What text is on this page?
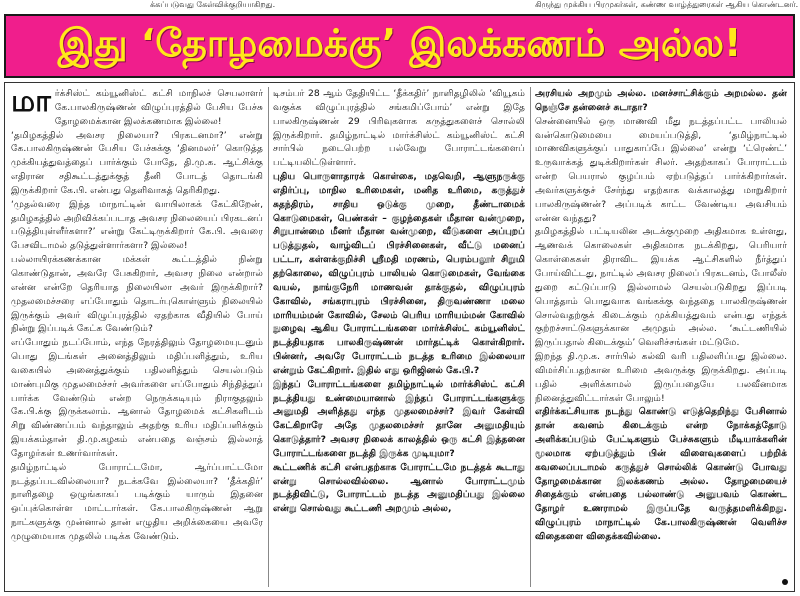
க்கப்படுவது கேள்விக்குறியாகிறது.	கிருந்து முக்கிய பிரமுகர்கள், கண்ண வாழ்த்துரைகள் ஆகிய கொண்டனர்.
இது ‘தோழமைக்கு’ இலக்கணம் அல்ல!

மார்க்சிஸ்ட் கம்யூனிஸ்ட் கட்சி மாநிலச் செயலாளர் கே.பாலகிருஷ்ணன் விழுப்புரத்தில் பேசிய பேச்சு தோழமைக்கான இலக்கணமாக இல்லை!

‘தமிழகத்தில் அவசர நிலையா? பிரகடனமா?’ என்று கே.பாலகிருஷ்ணன் பேசிய பேச்சுக்கு ‘தினமலர்’ கொடுத்த முக்கியத்துவத்தைப் பார்க்கும் போதே, தி.மு.க. ஆட்சிக்கு எதிரான சதிகூட்டத்துக்குத் தீனி போடத் தொடங்கி இருக்கிறார் கே.பி. என்பது தெளிவாகத் தெரிகிறது.

‘முதல்வரை இந்த மாநாட்டின் வாயிலாகக் கேட்கிறேன், தமிழகத்தில் அறிவிக்கப்படாத அவசர நிலையைப் பிரகடனப் படுத்தியுள்ளீர்களா?’ என்று கேட்டிருக்கிறார் கே.பி. அவரை பேசவிடாமல் தடுத்துள்ளார்களா? இல்லை!

பல்லாயிரக்கணக்கான மக்கள் கூட்டத்தில் நின்று கொண்டுதான், அவரே பேசுகிறார், அவசர நிலை என்றால் என்ன என்றே தெரியாத நிலையிலா அவர் இருக்கிறார்? முதலமைச்சரை எப்போதும் தொடர்புகொள்ளும் நிலையில் இருக்கும் அவர் விழுப்புரத்தில் ஏதற்காக வீதியில் போய் நின்று இப்படிக் கேட்க வேண்டும்?

எப்போதும் நடப்போம், எந்த நேரத்திலும் தோழமையுடனும் பொது இடங்கள் அனைத்திலும் மதிப்பளித்தும், உரிய வகையில் அனைத்துக்கும் பதிலளித்தும் செயல்படும் மாண்புமிகு முதலமைச்சர் அவர்களை எப்போதும் சிந்தித்துப் பார்க்க வேண்டும் என்ற நெருக்கடியும் நிராகுதலும் கே.பி.க்கு இருக்கலாம். ஆனால் தோழமைக் கட்சிகளிடம் சிறு விண்ணப்பம் வந்தாலும் அதற்கு உரிய மதிப்பளிக்கும் இயக்கம்தான் தி.மு.கழகம் என்பதை வஞ்சம் இல்லாத் தோழர்கள் உணர்வார்கள்.

தமிழ்நாட்டில் போராட்டமோ, ஆர்ப்பாட்டமோ நடத்தப்படவில்லையா? நடக்கவே இல்லையா? ‘தீக்கதிர்’ நாளிதழை ஒழுங்காகப் படிக்கும் யாரும் இதனை ஒப்புக்கொள்ள மாட்டார்கள். கே.பாலகிருஷ்ணன் ஆறு நாட்களுக்கு முன்னால் தான் எழுதிய அறிக்கையை அவரே முழுமையாக முதலில் படிக்க வேண்டும்.

டிசம்பர் 28 ஆம் தேதியிட்ட ‘தீக்கதிர்’ நாளிதழிலில் ‘வியூகம் வகுக்க விழுப்புரத்தில் சங்கமிப்போம்’ என்று இதே பாலகிருஷ்ணன் 29 பிரிவுகளாக கருத்துகளைச் சொல்லி இருக்கிறார். தமிழ்நாட்டில் மார்க்சிஸ்ட் கம்யூனிஸ்ட் கட்சி சார்பில் நடைபெற்ற பல்வேறு போராட்டங்களைப் பட்டியலிட்டுள்ளார்.

புதிய பொருளாதாரக் கொள்கை, மதவெறி, ஆளுநருக்கு எதிர்ப்பு, மாநில உரிமைகள், மனித உரிமை, கருத்துச் சுதந்திரம், சாதிய ஒடுக்கு முறை, தீண்டாமைக் கொடுமைகள், பெண்கள் – குழந்தைகள் மீதான வன்முறை, சிறுபான்மை மீனர் மீதான வன்முறை, வீடுகளை அப்புறப் படுத்துதல், வாழ்விடப் பிரச்சினைகள், வீட்டு மனைப் பட்டா, கள்ளக்குறிச்சி ஸ்ரீமதி மரணம், பெரம்பலூர் சிறுமி தற்கொலை, விழுப்புரம் பாலியல் கொடுமைகள், வேங்கை வயல், நாங்குநேரி மாணவன் தாக்குதல், விழுப்புரம் கோவில், சங்கராபுரம் பிரச்சினை, திருவண்ணா மலை மாரியம்மன் கோவில், சேலம் பெரிய மாரியம்மன் கோவில் நுழைவு ஆகிய போராட்டங்களை மார்க்சிஸ்ட் கம்யூனிஸ்ட் நடத்தியதாக பாலகிருஷ்ணன் மார்தட்டிக் கொள்கிறார். பின்னர், அவரே போராட்டம் நடத்த உரிமை இல்லையா என்றும் கேட்கிறார். இதில் எது ஒரிஜினல் கே.பி.?

இந்தப் போராட்டங்களை தமிழ்நாட்டில் மார்க்சிஸ்ட் கட்சி நடத்தியது உண்மையானால் இந்தப் போராட்டங்களுக்கு அனுமதி அளித்தது எந்த முதலமைச்சர்? இவர் கேள்வி கேட்கிறாரே அதே முதலமைச்சர் தானே அனுமதியும் கொடுத்தார்? அவசர நிலைக் காலத்தில் ஒரு கட்சி இத்தனை போராட்டங்களை நடத்தி இருக்க முடியுமா?

கூட்டணிக் கட்சி என்பதற்காக போராட்டமே நடத்தக் கூடாது என்று சொல்லவில்லை. ஆனால் போராட்டமும் நடத்திவிட்டு, போராட்டம் நடத்த அனுமதிப்பது இல்லை என்று சொல்வது கூட்டணி அறமும் அல்ல,

அரசியல் அறமும் அல்ல. மனச்சாட்சிக்கும் அறமல்ல. தன் நெஞ்சே தன்னைச் சுடாதா?

சென்னையில் ஒரு மாணவி மீது நடத்தப்பட்ட பாலியல் வன்கொடுமையை மையப்படுத்தி, ‘தமிழ்நாட்டில் மாணவிகளுக்குப் பாதுகாப்பே இல்லை’ என்று ‘ட்ரெண்ட்’ உருவாக்கத் துடிக்கிறார்கள் சிலர். அதற்காகப் போராட்டம் என்ற பெயரால் குழப்பம் ஏற்படுத்தப் பார்க்கிறார்கள். அவர்களுக்குச் சேர்ந்து எதற்காக வக்காலத்து மாறுகிறார் பாலகிருஷ்ணன்? அப்படிக் காட்ட வேண்டிய அவசியம் என்ன வந்தது?

தமிழகத்தில் பட்டியலின அடக்குமுறை அதிகமாக உள்ளது, ஆணவக் கொலைகள் அதிகமாக நடக்கிறது, பெரியார் கொள்கைகள் திராவிட இயக்க ஆட்சிகளில் நீர்த்துப் போய்விட்டது, நாட்டில் அவசர நிலைப் பிரகடனம், போலீஸ் துறை கட்டுப்பாடு இல்லாமல் செயல்படுகிறது இப்படி பொத்தாம் பொதுவாக வங்கக்கு வந்ததை பாலகிருஷ்ணன் சொல்வதற்குக் கிடைக்கும் முக்கியத்துவம் என்பது எந்தக் குற்றச்சாட்டுகளுக்கான அமுதம் அல்ல. ‘கூட்டணியில் இருப்பதால் கிடைக்கும்’ வெளிச்சங்கள் மட்டுமே.

இறந்த தி.மு.க. சார்பில் கல்வி வரி பதிலளிப்பது இல்லை. விமர்சிப்பதற்கான உரிமை அவருக்கு இருக்கிறது. அப்படி பதில் அளிக்காமல் இருப்பதையே பலவீனமாக நினைத்துவிட்டார்கள் போலும்!

எதிர்க்கட்சியாக நடந்து கொண்டு எடுத்தெறிந்து பேசினால் தான் கவனம் கிடைக்கும் என்ற நோக்கத்தோடு அளிக்கப்படும் பேட்டிகளும் பேச்சுகளும் மீடியாக்களின் மூலமாக ஏற்படுத்தும் பின் விளைவுகளைப் பற்றிக் கவலைப்படாமல் கருத்துச் சொல்லிக் கொண்டு போவது தோழமைக்கான இலக்கணம் அல்ல. தோழமையைச் சிதைக்கும் என்பதை பல்லாண்டு அனுபவம் கொண்ட தோழர் உணராமல் இருப்பதே வருத்தமளிக்கிறது. விழுப்புரம் மாநாட்டில் கே.பாலகிருஷ்ணன் வெளிச்ச விதைகளை விதைக்கவில்லை.
